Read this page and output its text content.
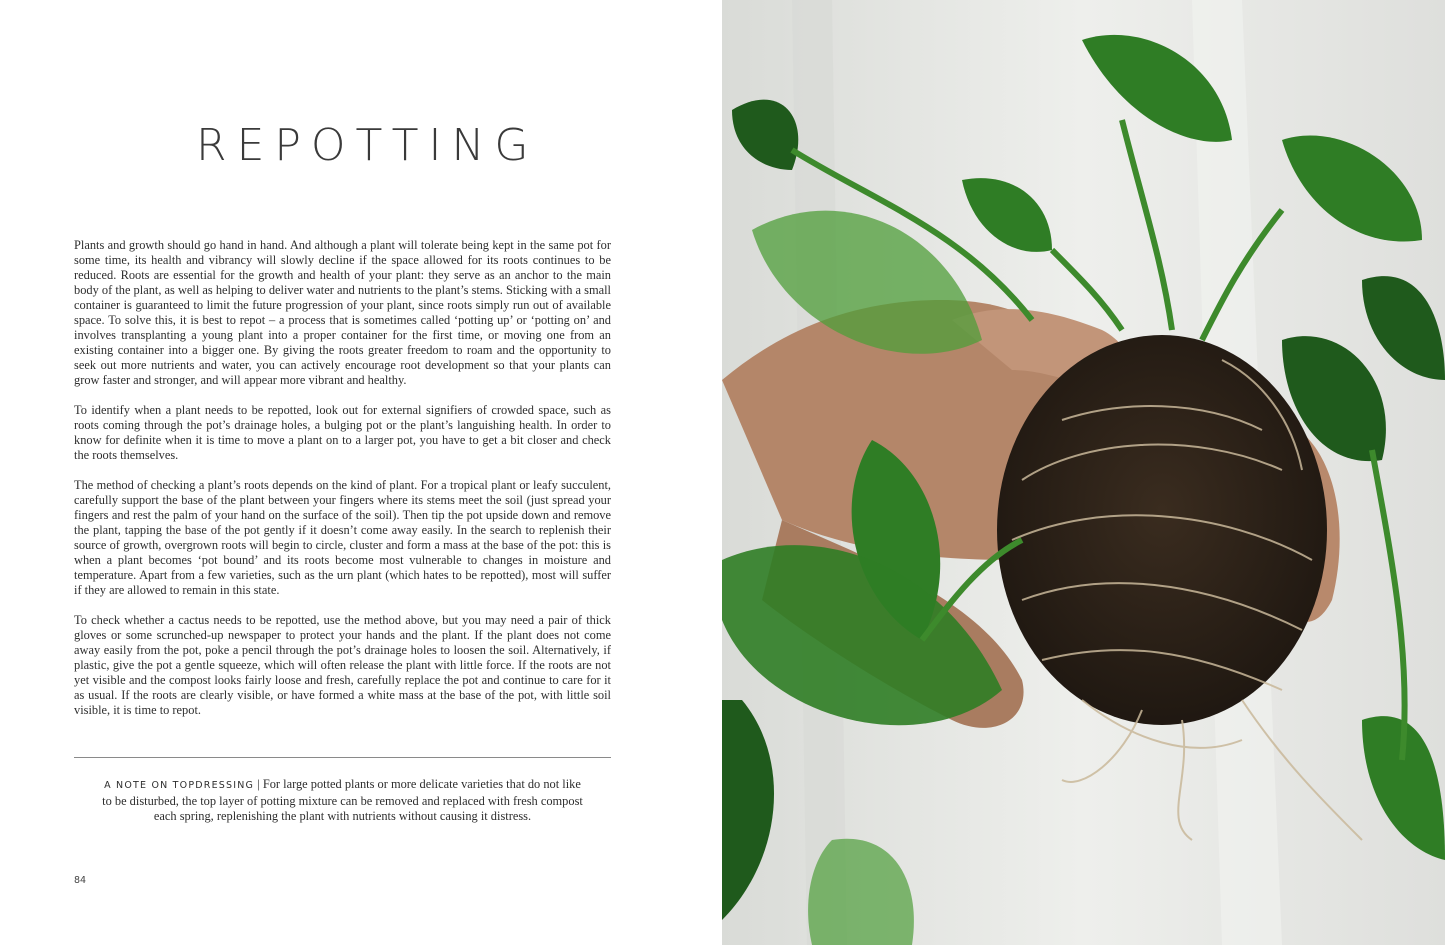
REPOTTING

Plants and growth should go hand in hand. And although a plant will tolerate being kept in the same pot for some time, its health and vibrancy will slowly decline if the space allowed for its roots continues to be reduced. Roots are essential for the growth and health of your plant: they serve as an anchor to the main body of the plant, as well as helping to deliver water and nutrients to the plant’s stems. Sticking with a small container is guaranteed to limit the future progression of your plant, since roots simply run out of available space. To solve this, it is best to repot – a process that is sometimes called ‘potting up’ or ‘potting on’ and involves transplanting a young plant into a proper container for the first time, or moving one from an existing container into a bigger one. By giving the roots greater freedom to roam and the opportunity to seek out more nutrients and water, you can actively encourage root development so that your plants can grow faster and stronger, and will appear more vibrant and healthy.

To identify when a plant needs to be repotted, look out for external signifiers of crowded space, such as roots coming through the pot’s drainage holes, a bulging pot or the plant’s languishing health. In order to know for definite when it is time to move a plant on to a larger pot, you have to get a bit closer and check the roots themselves.

The method of checking a plant’s roots depends on the kind of plant. For a tropical plant or leafy succulent, carefully support the base of the plant between your fingers where its stems meet the soil (just spread your fingers and rest the palm of your hand on the surface of the soil). Then tip the pot upside down and remove the plant, tapping the base of the pot gently if it doesn’t come away easily. In the search to replenish their source of growth, overgrown roots will begin to circle, cluster and form a mass at the base of the pot: this is when a plant becomes ‘pot bound’ and its roots become most vulnerable to changes in moisture and temperature. Apart from a few varieties, such as the urn plant (which hates to be repotted), most will suffer if they are allowed to remain in this state.

To check whether a cactus needs to be repotted, use the method above, but you may need a pair of thick gloves or some scrunched-up newspaper to protect your hands and the plant. If the plant does not come away easily from the pot, poke a pencil through the pot’s drainage holes to loosen the soil. Alternatively, if plastic, give the pot a gentle squeeze, which will often release the plant with little force. If the roots are not yet visible and the compost looks fairly loose and fresh, carefully replace the pot and continue to care for it as usual. If the roots are clearly visible, or have formed a white mass at the base of the pot, with little soil visible, it is time to repot.

A NOTE ON TOPDRESSING | For large potted plants or more delicate varieties that do not like to be disturbed, the top layer of potting mixture can be removed and replaced with fresh compost each spring, replenishing the plant with nutrients without causing it distress.
84
